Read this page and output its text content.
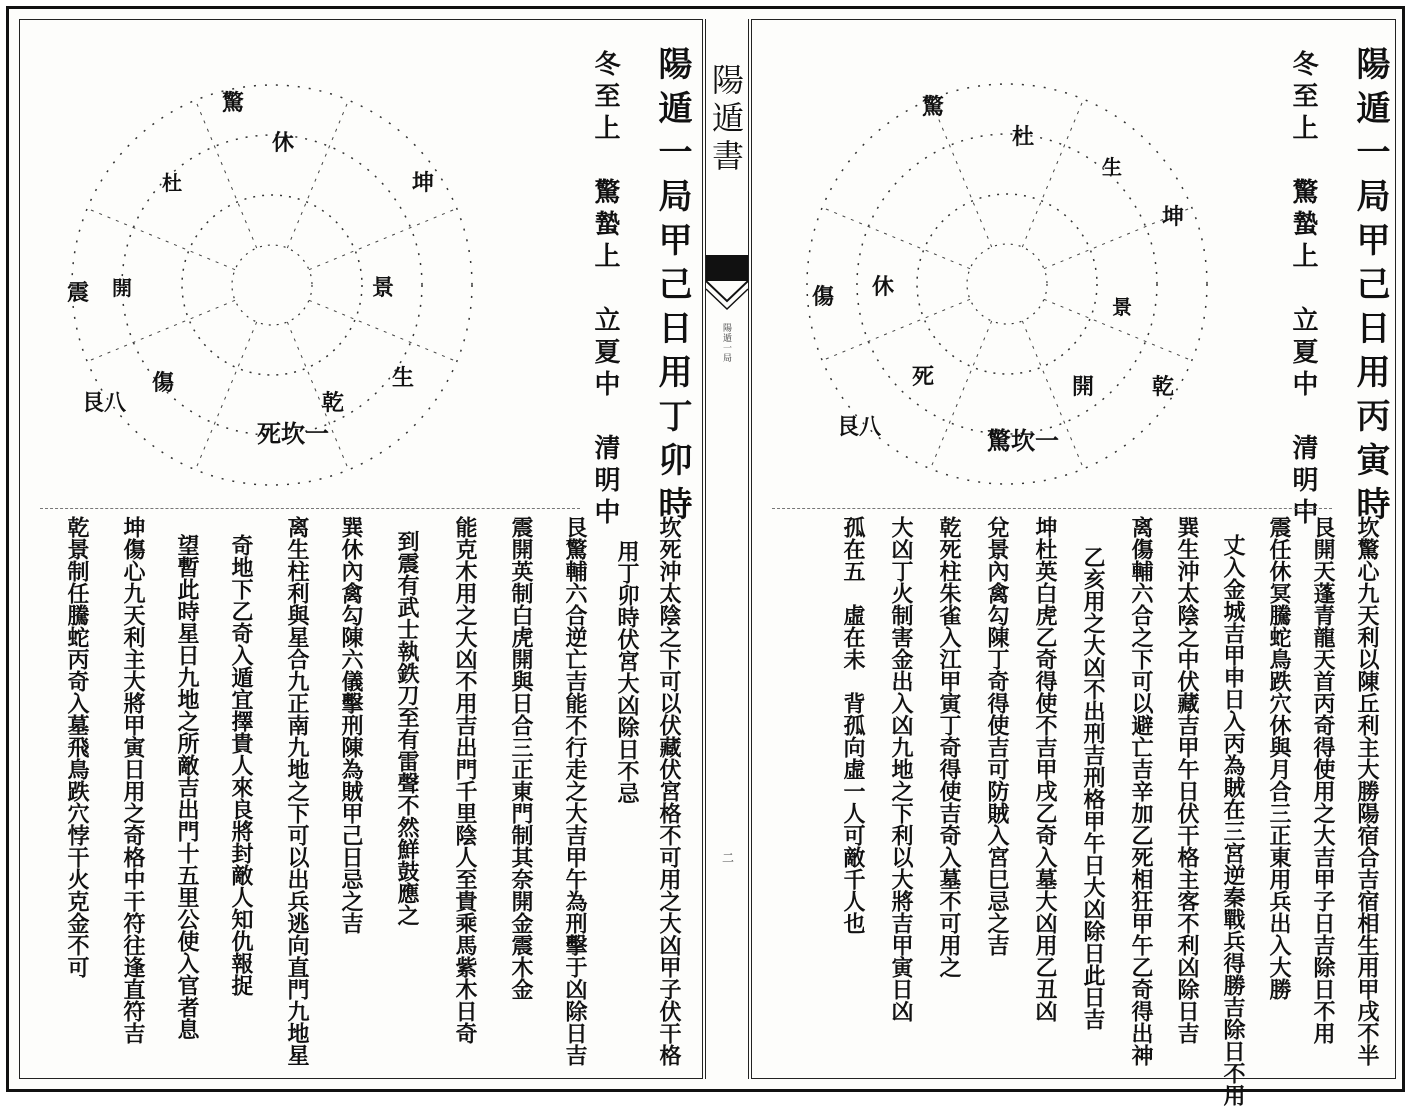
陽遁一局甲己日用丁卯時
冬至上　驚蟄上　立夏中　清明中
死坎一
休
景
生
艮八
震 開
杜
傷
驚
坤
乾
坎死沖太陰之下可以伏藏伏宮格不可用之大凶甲子伏干格
用丁卯時伏宮大凶除日不忌
艮驚輔六合逆亡吉能不行走之大吉甲午為刑擊于凶除日吉
震開英制白虎開與日合三正東門制其奈開金震木金
能克木用之大凶不用吉出門千里陰人至貴乘馬紫木日奇
到震有武士執鉄刀至有雷聲不然鮮鼓應之
巽休內禽勾陳六儀擊刑陳為賊甲己日忌之吉
离生柱利與星合九正南九地之下可以出兵逃向直門九地星
奇地下乙奇入遁宜擇貴人來良將封敵人知仇報捉
望暫此時星日九地之所敵吉出門十五里公使入官者息
坤傷心九天利主大將甲寅日用之奇格中干符往逢直符吉
乾景制任騰蛇丙奇入墓飛鳥跌穴悖干火克金不可
陽遁書
陽遁一局
二
陽遁一局甲己日用丙寅時
冬至上　驚蟄上　立夏中　清明中
驚坎一
杜
休
死
艮八
傷
生
景
開
驚
坤
乾
坎驚心九天利以陳丘利主大勝陽宿合吉宿相生用甲戌不半
艮開天蓬青龍天首丙奇得使用之大吉甲子日吉除日不用
震任休冥騰蛇鳥跌穴休與月合三正東用兵出入大勝
丈入金城吉甲申日入丙為賊在三宮逆秦戰兵得勝吉除日不用
巽生沖太陰之中伏藏吉甲午日伏干格主客不利凶除日吉
离傷輔六合之下可以避亡吉辛加乙死相狂甲午乙奇得出神
乙亥用之大凶不出刑吉刑格甲午日大凶除日此日吉
坤杜英白虎乙奇得使不吉甲戌乙奇入墓大凶用乙丑凶
兌景內禽勾陳丁奇得使吉可防賊入宮巳忌之吉
乾死柱朱雀入江甲寅丁奇得使吉奇入墓不可用之
大凶丁火制害金出入凶九地之下利以大將吉甲寅日凶
孤在五　虛在未　背孤向虛一人可敵千人也
